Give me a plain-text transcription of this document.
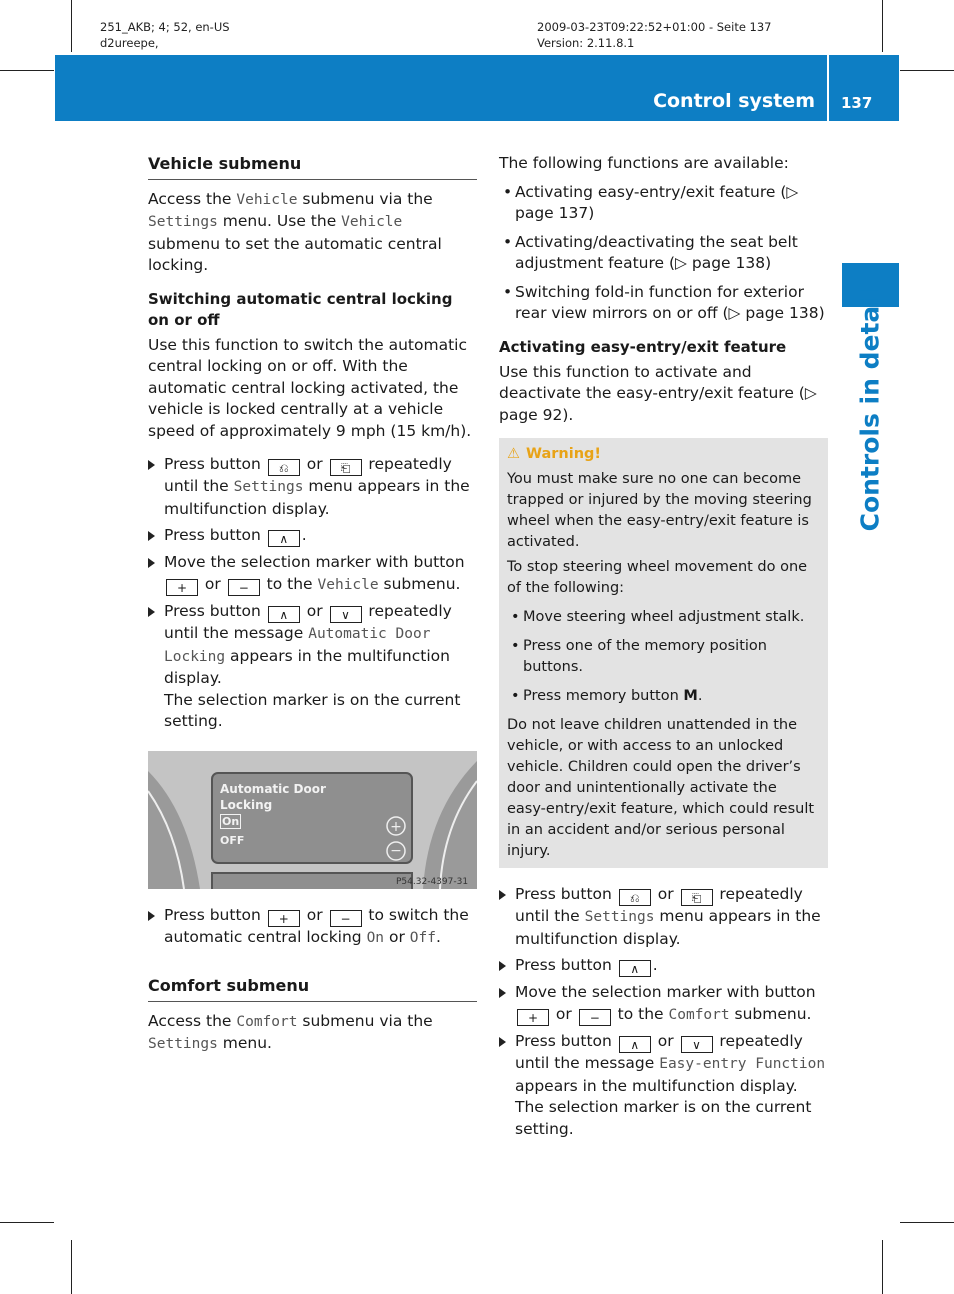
251_AKB; 4; 52, en-US
d2ureepe,
2009-03-23T09:22:52+01:00 - Seite 137
Version: 2.11.8.1
Control system 137
Controls in detail
Vehicle submenu

Access the Vehicle submenu via the Settings menu. Use the Vehicle submenu to set the automatic central locking.

Switching automatic central locking on or off

Use this function to switch the automatic central locking on or off. With the automatic central locking activated, the vehicle is locked centrally at a vehicle speed of approximately 9 mph (15 km/h).

Press button ⎌ or ⎗ repeatedly until the Settings menu appears in the multifunction display.
Press button ∧ .
Move the selection marker with button + or − to the Vehicle submenu.
Press button ∧ or ∨ repeatedly until the message Automatic Door Locking appears in the multifunction display.
The selection marker is on the current setting.
+
−
Automatic Door
Locking
On
OFF
P54.32-4397-31
Press button + or − to switch the automatic central locking On or Off.
Comfort submenu

Access the Comfort submenu via the Settings menu.

The following functions are available:

• Activating easy-entry/exit feature (▷ page 137)
• Activating/deactivating the seat belt adjustment feature (▷ page 138)
• Switching fold-in function for exterior rear view mirrors on or off (▷ page 138)
Activating easy-entry/exit feature

Use this function to activate and deactivate the easy-entry/exit feature (▷ page 92).

⚠ Warning!

You must make sure no one can become trapped or injured by the moving steering wheel when the easy-entry/exit feature is activated.

To stop steering wheel movement do one of the following:

• Move steering wheel adjustment stalk.
• Press one of the memory position buttons.
• Press memory button M.

Do not leave children unattended in the vehicle, or with access to an unlocked vehicle. Children could open the driver’s door and unintentionally activate the easy-entry/exit feature, which could result in an accident and/or serious personal injury.

Press button ⎌ or ⎗ repeatedly until the Settings menu appears in the multifunction display.
Press button ∧ .
Move the selection marker with button + or − to the Comfort submenu.
Press button ∧ or ∨ repeatedly until the message Easy-entry Function appears in the multifunction display.
The selection marker is on the current setting.
